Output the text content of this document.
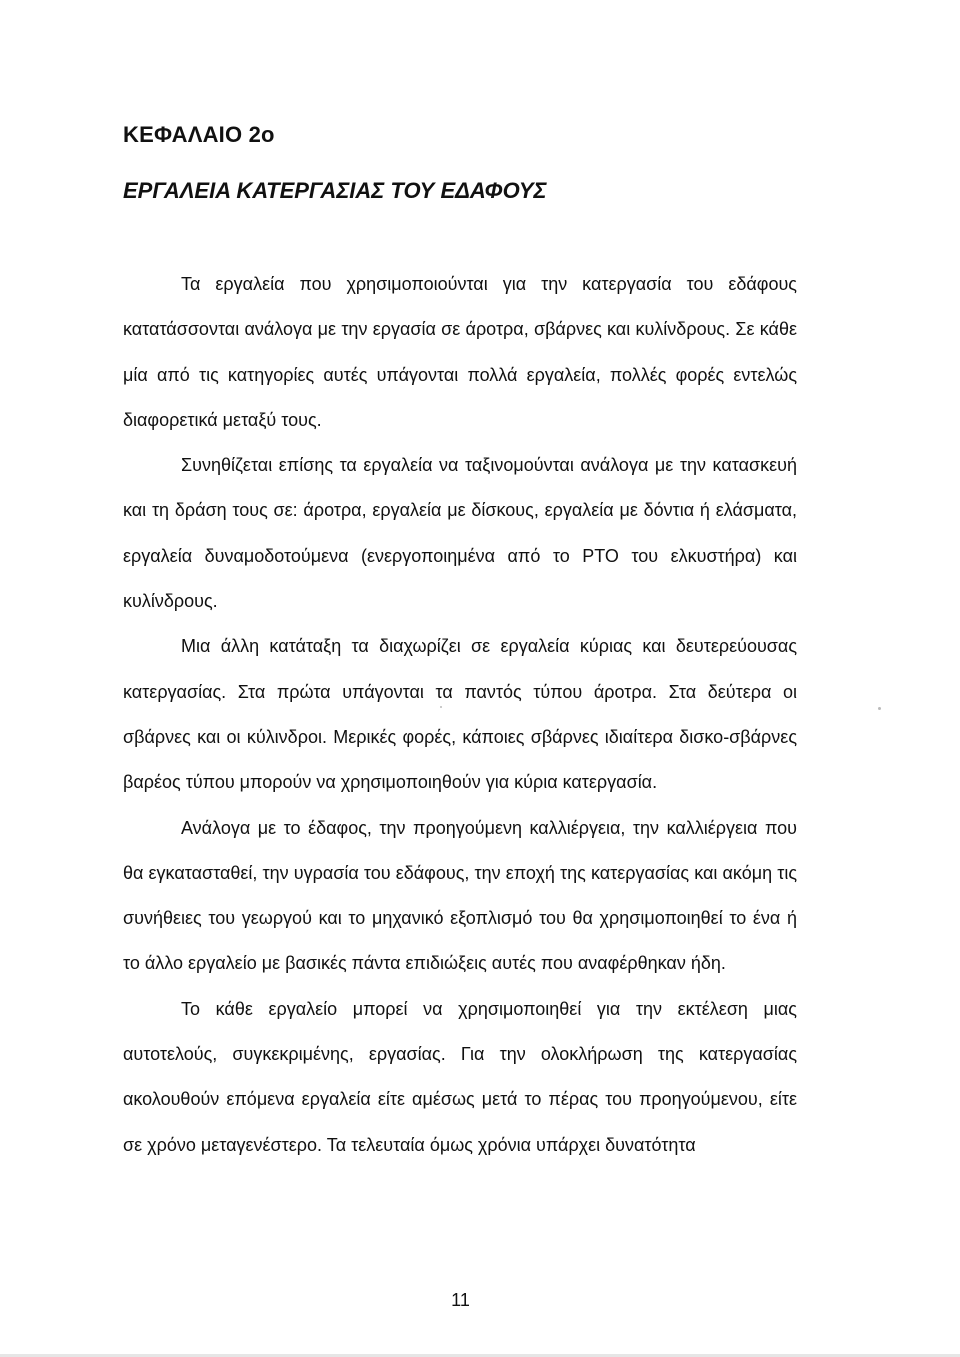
ΚΕΦΑΛΑΙΟ 2ο
ΕΡΓΑΛΕΙΑ ΚΑΤΕΡΓΑΣΙΑΣ ΤΟΥ ΕΔΑΦΟΥΣ

Τα εργαλεία που χρησιμοποιούνται για την κατεργασία του εδάφους κατατάσσονται ανάλογα με την εργασία σε άροτρα, σβάρνες και κυλίνδρους. Σε κάθε μία από τις κατηγορίες αυτές υπάγονται πολλά εργαλεία, πολλές φορές εντελώς διαφορετικά μεταξύ τους.

Συνηθίζεται επίσης τα εργαλεία να ταξινομούνται ανάλογα με την κατασκευή και τη δράση τους σε: άροτρα, εργαλεία με δίσκους, εργαλεία με δόντια ή ελάσματα, εργαλεία δυναμοδοτούμενα (ενεργοποιημένα από το PTO του ελκυστήρα) και κυλίνδρους.

Μια άλλη κατάταξη τα διαχωρίζει σε εργαλεία κύριας και δευτερεύουσας κατεργασίας. Στα πρώτα υπάγονται τα παντός τύπου άροτρα. Στα δεύτερα οι σβάρνες και οι κύλινδροι. Μερικές φορές, κάποιες σβάρνες ιδιαίτερα δισκο-σβάρνες βαρέος τύπου μπορούν να χρησιμοποιηθούν για κύρια κατεργασία.

Ανάλογα με το έδαφος, την προηγούμενη καλλιέργεια, την καλλιέργεια που θα εγκατασταθεί, την υγρασία του εδάφους, την εποχή της κατεργασίας και ακόμη τις συνήθειες του γεωργού και το μηχανικό εξοπλισμό του θα χρησιμοποιηθεί το ένα ή το άλλο εργαλείο με βασικές πάντα επιδιώξεις αυτές που αναφέρθηκαν ήδη.

Το κάθε εργαλείο μπορεί να χρησιμοποιηθεί για την εκτέλεση μιας αυτοτελούς, συγκεκριμένης, εργασίας. Για την ολοκλήρωση της κατεργασίας ακολουθούν επόμενα εργαλεία είτε αμέσως μετά το πέρας του προηγούμενου, είτε σε χρόνο μεταγενέστερο. Τα τελευταία όμως χρόνια υπάρχει δυνατότητα

11
